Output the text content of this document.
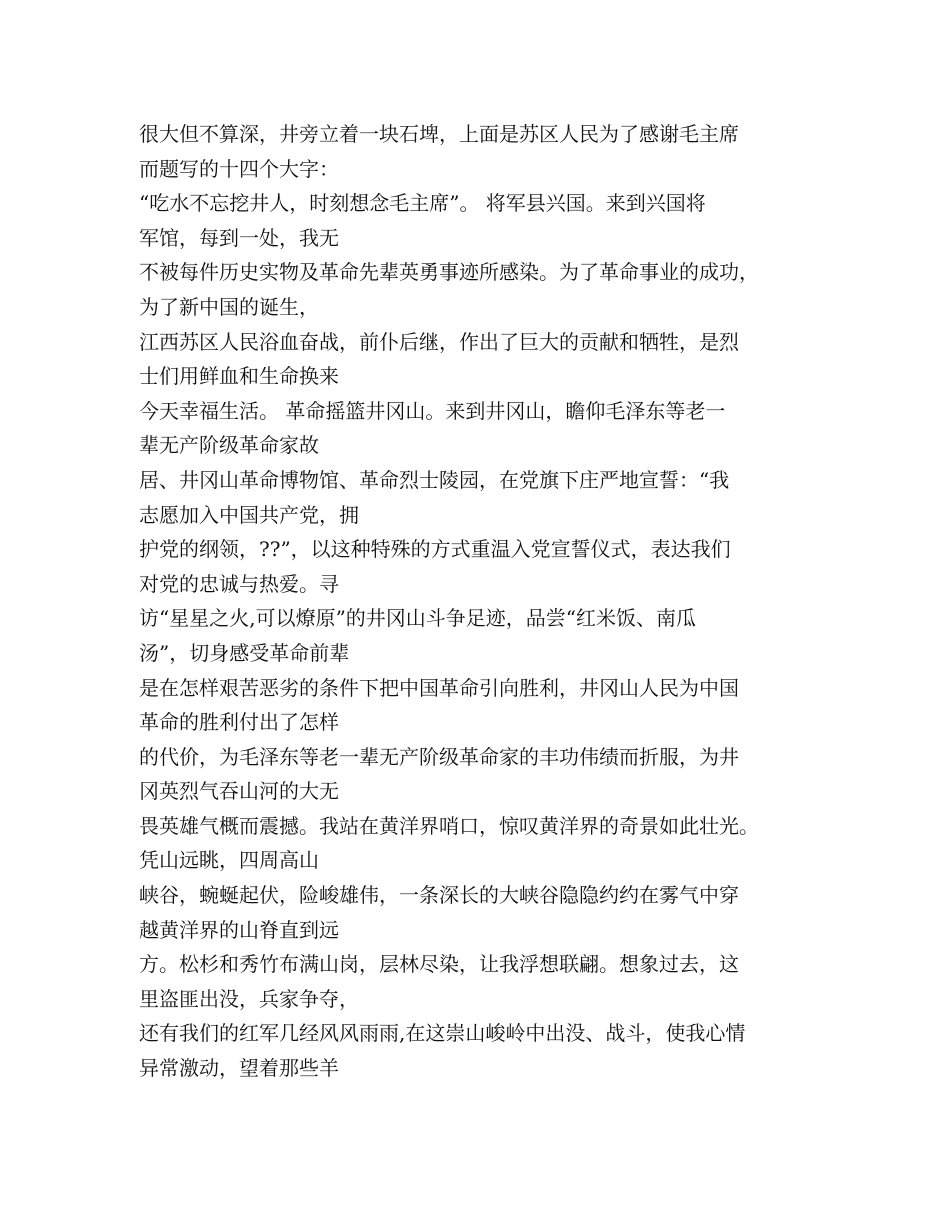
很大但不算深，井旁立着一块石埤，上面是苏区人民为了感谢毛主席
而题写的十四个大字：
“吃水不忘挖井人，时刻想念毛主席”。 将军县兴国。来到兴国将
军馆，每到一处，我无
不被每件历史实物及革命先辈英勇事迹所感染。为了革命事业的成功，
为了新中国的诞生，
江西苏区人民浴血奋战，前仆后继，作出了巨大的贡献和牺牲，是烈
士们用鲜血和生命换来
今天幸福生活。 革命摇篮井冈山。来到井冈山，瞻仰毛泽东等老一
辈无产阶级革命家故
居、井冈山革命博物馆、革命烈士陵园，在党旗下庄严地宣誓：“我
志愿加入中国共产党，拥
护党的纲领，??”，以这种特殊的方式重温入党宣誓仪式，表达我们
对党的忠诚与热爱。寻
访“星星之火,可以燎原”的井冈山斗争足迹，品尝“红米饭、南瓜
汤”，切身感受革命前辈
是在怎样艰苦恶劣的条件下把中国革命引向胜利，井冈山人民为中国
革命的胜利付出了怎样
的代价，为毛泽东等老一辈无产阶级革命家的丰功伟绩而折服，为井
冈英烈气吞山河的大无
畏英雄气概而震撼。我站在黄洋界哨口，惊叹黄洋界的奇景如此壮光。
凭山远眺，四周高山
峡谷，蜿蜒起伏，险峻雄伟，一条深长的大峡谷隐隐约约在雾气中穿
越黄洋界的山脊直到远
方。松杉和秀竹布满山岗，层林尽染，让我浮想联翩。想象过去，这
里盗匪出没，兵家争夺，
还有我们的红军几经风风雨雨,在这崇山峻岭中出没、战斗，使我心情
异常激动，望着那些羊
